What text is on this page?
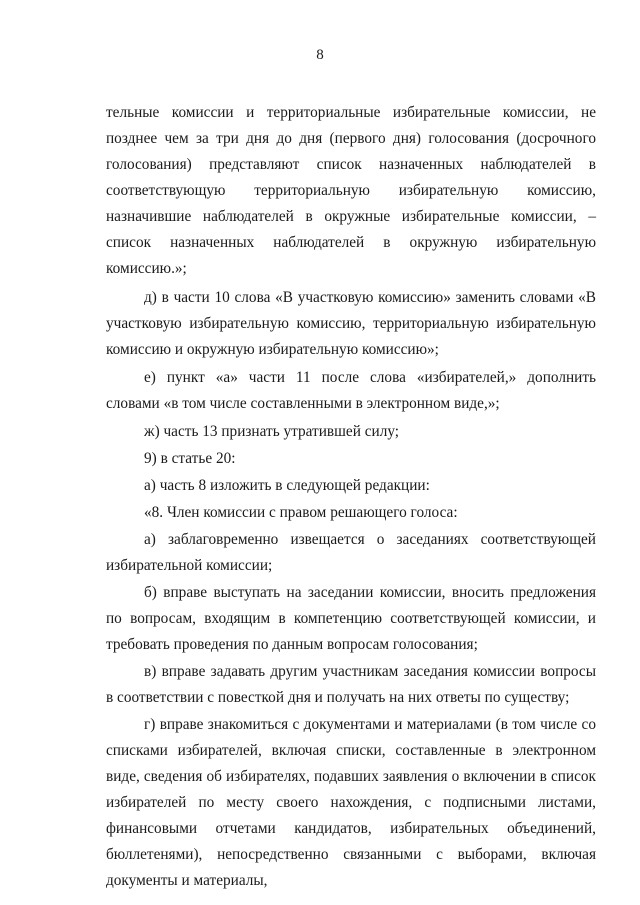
8

тельные комиссии и территориальные избирательные комиссии, не позднее чем за три дня до дня (первого дня) голосования (досрочного голосования) представляют список назначенных наблюдателей в соответствующую территориальную избирательную комиссию, назначившие наблюдателей в окружные избирательные комиссии, – список назначенных наблюдателей в окружную избирательную комиссию.»;

д) в части 10 слова «В участковую комиссию» заменить словами «В участковую избирательную комиссию, территориальную избирательную комиссию и окружную избирательную комиссию»;

е) пункт «а» части 11 после слова «избирателей,» дополнить словами «в том числе составленными в электронном виде,»;

ж) часть 13 признать утратившей силу;

9) в статье 20:

а) часть 8 изложить в следующей редакции:

«8. Член комиссии с правом решающего голоса:

а) заблаговременно извещается о заседаниях соответствующей избирательной комиссии;

б) вправе выступать на заседании комиссии, вносить предложения по вопросам, входящим в компетенцию соответствующей комиссии, и требовать проведения по данным вопросам голосования;

в) вправе задавать другим участникам заседания комиссии вопросы в соответствии с повесткой дня и получать на них ответы по существу;

г) вправе знакомиться с документами и материалами (в том числе со списками избирателей, включая списки, составленные в электронном виде, сведения об избирателях, подавших заявления о включении в список избирателей по месту своего нахождения, с подписными листами, финансовыми отчетами кандидатов, избирательных объединений, бюллетенями), непосредственно связанными с выборами, включая документы и материалы,
